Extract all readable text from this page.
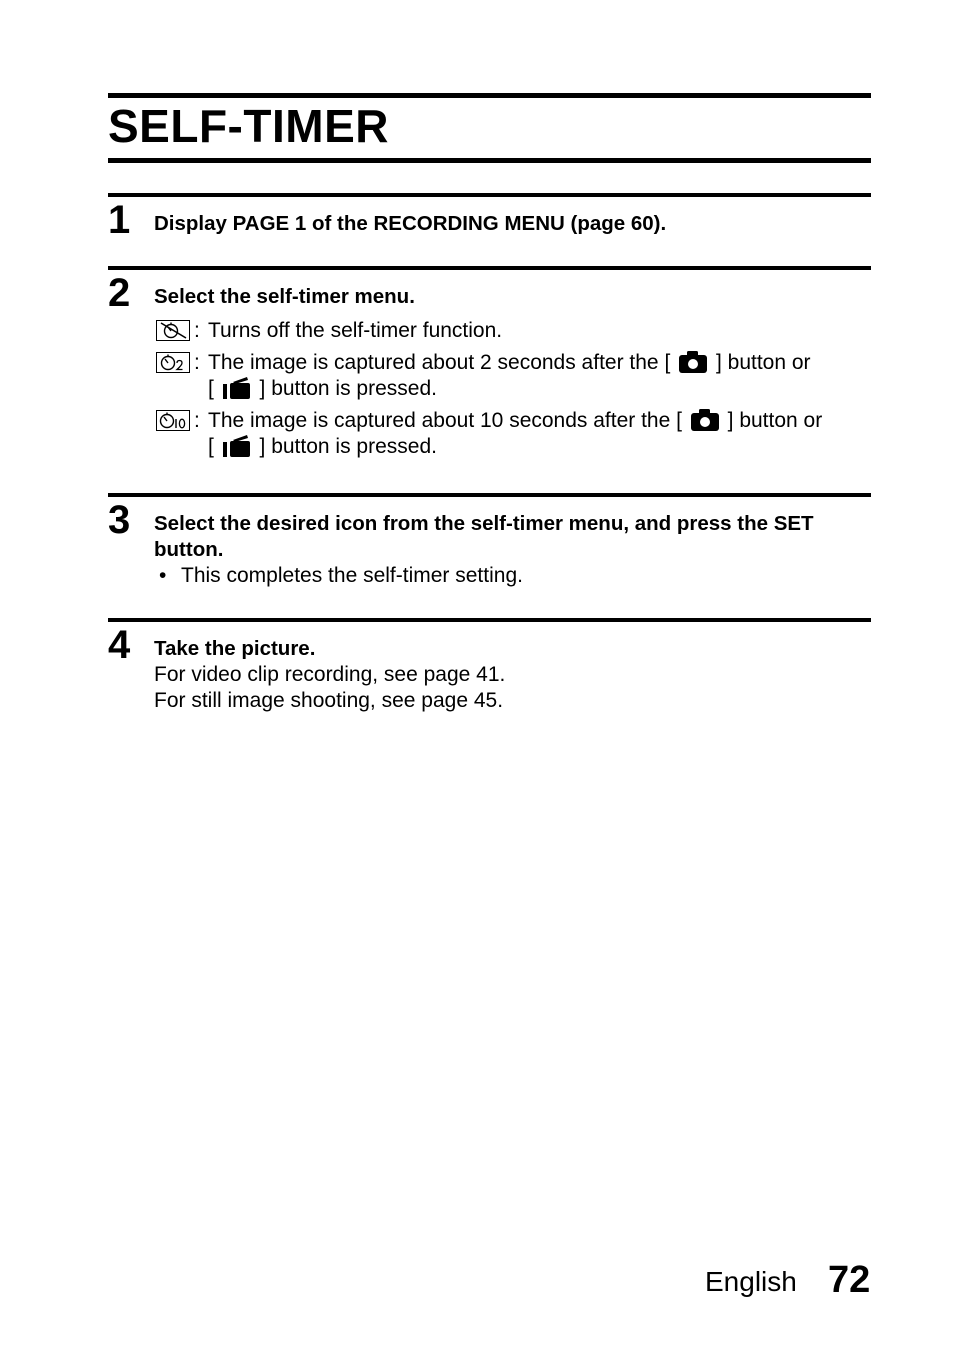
SELF-TIMER
1 Display PAGE 1 of the RECORDING MENU (page 60).
2 Select the self-timer menu.
: Turns off the self-timer function.
: The image is captured about 2 seconds after the [ ] button or
[ ] button is pressed.
: The image is captured about 10 seconds after the [ ] button or
[ ] button is pressed.
3 Select the desired icon from the self-timer menu, and press the SET button.
• This completes the self-timer setting.
4 Take the picture.
For video clip recording, see page 41.
For still image shooting, see page 45.
English 72
